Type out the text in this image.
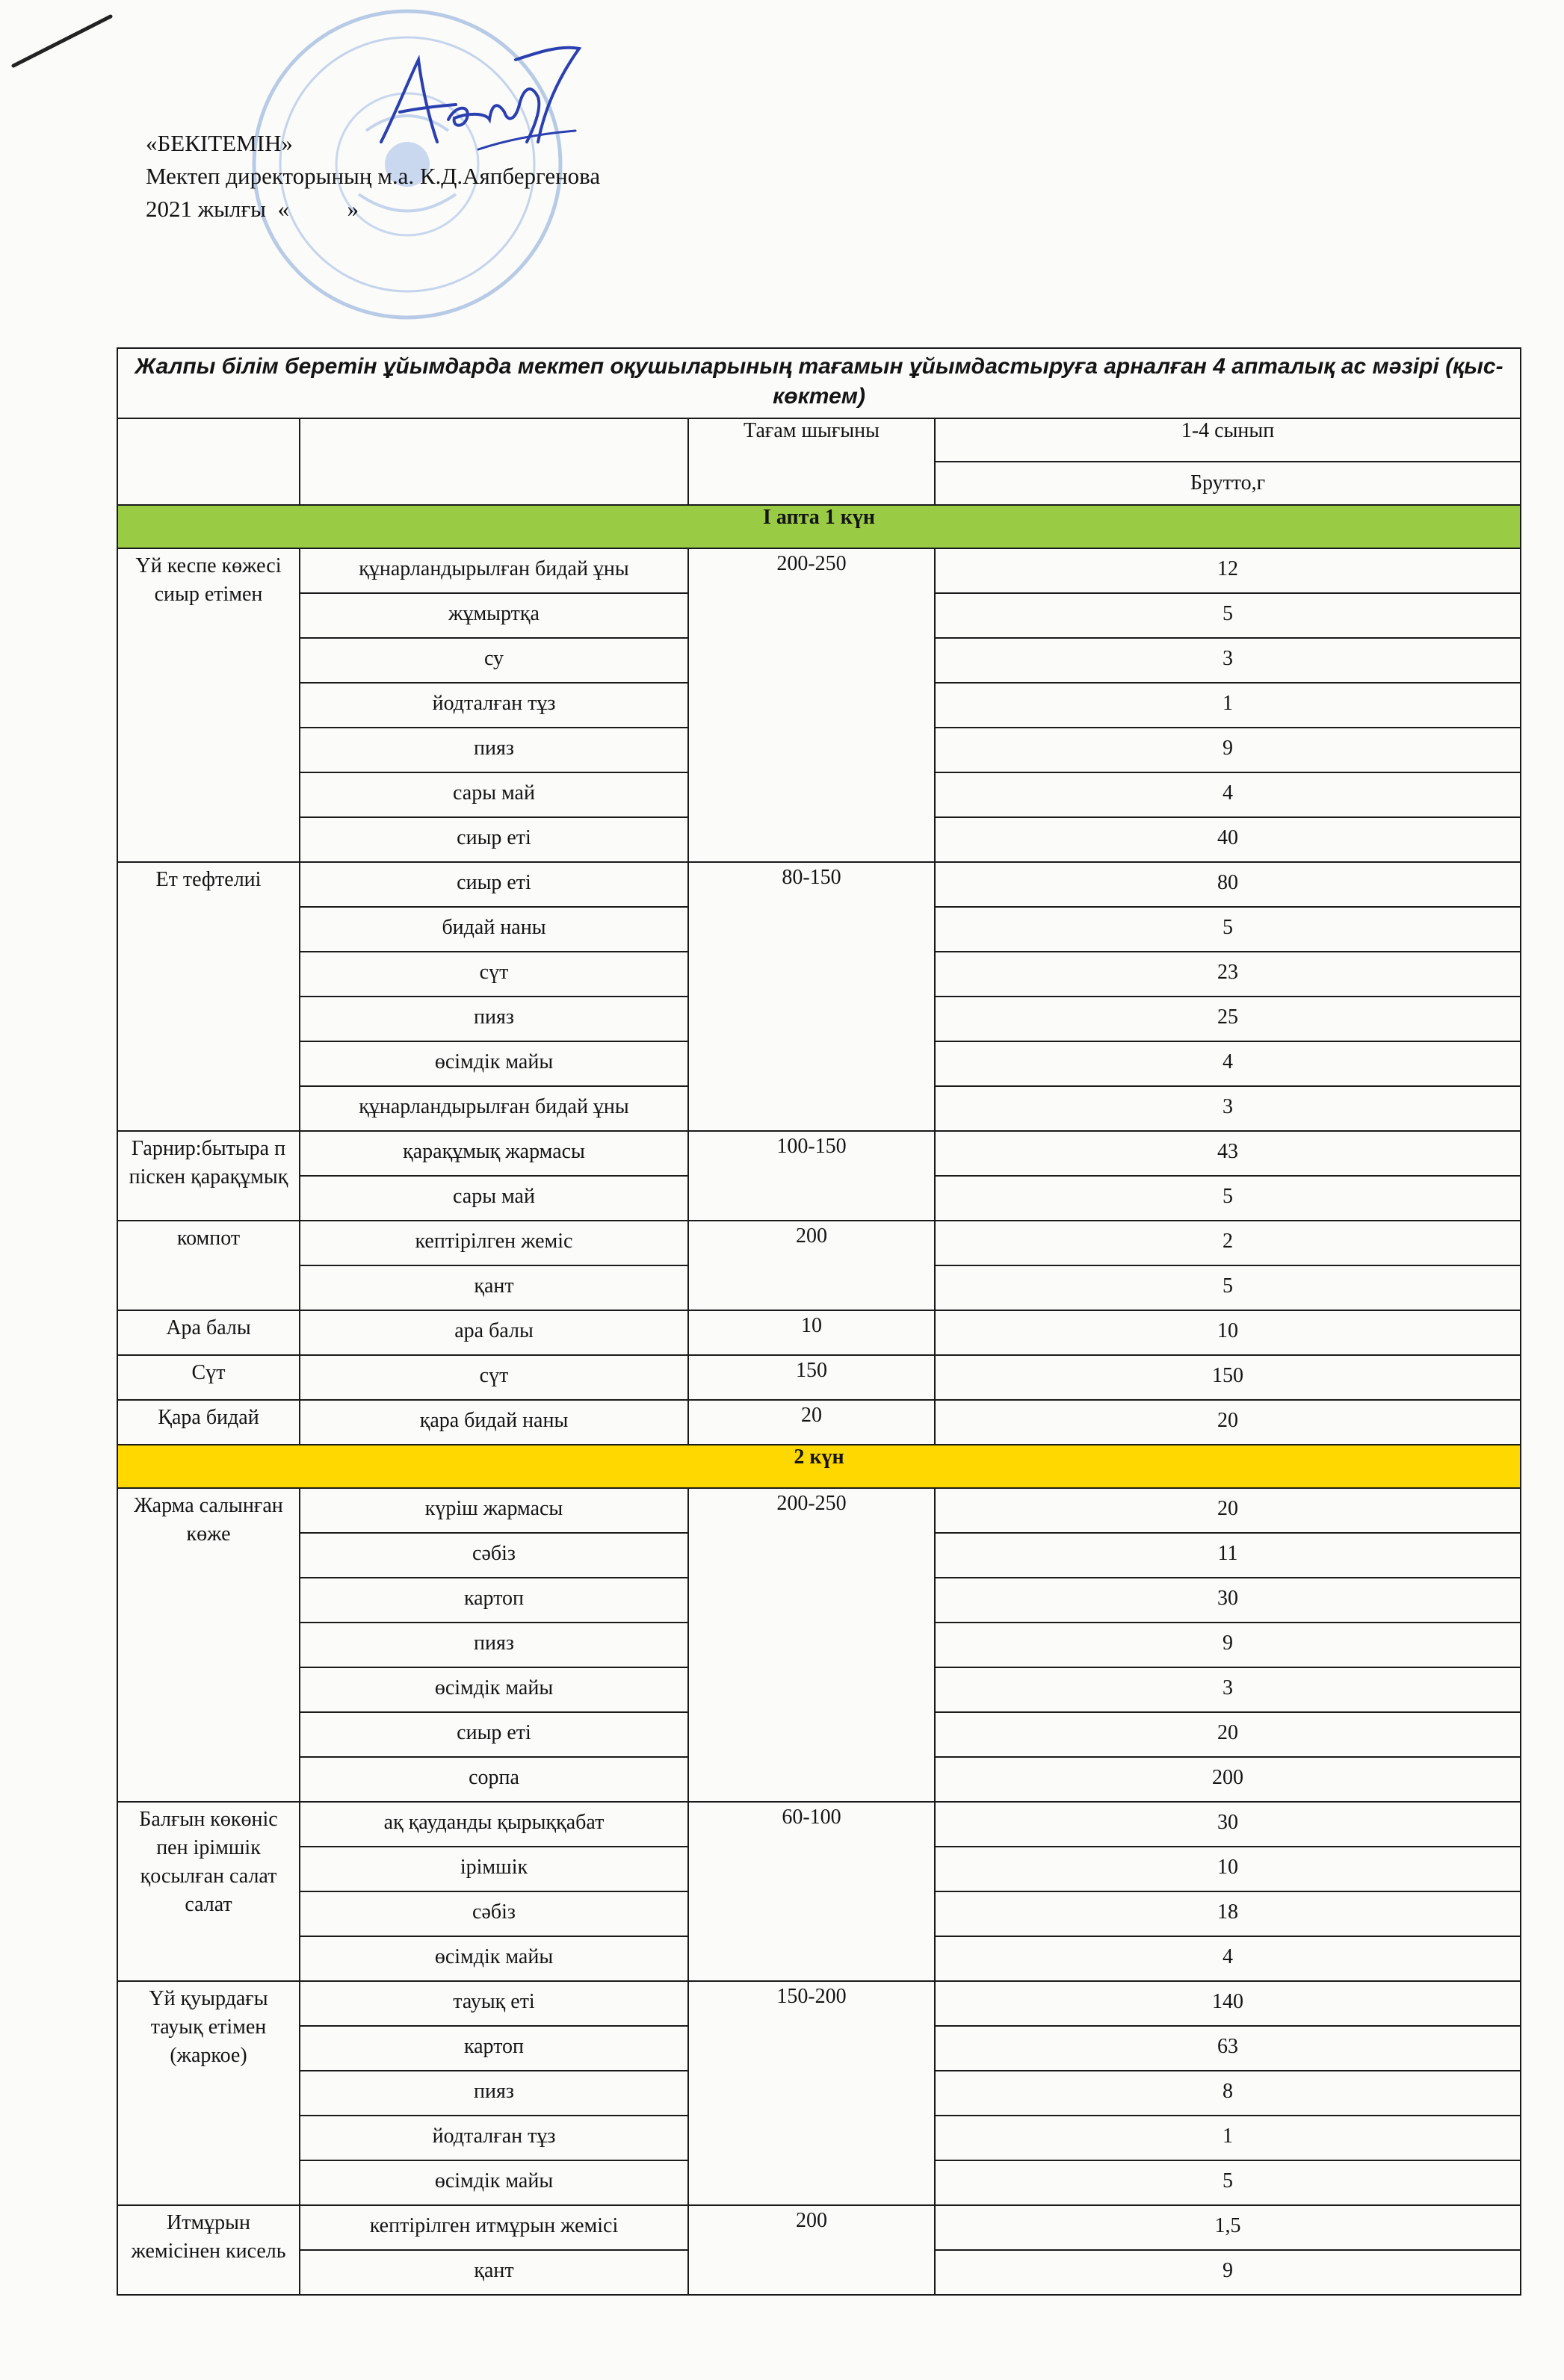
«БЕКІТЕМІН»
Мектеп директорының м.а. К.Д.Аяпбергенова
2021 жылғы  «          »
Жалпы білім беретін ұйымдарда мектеп оқушыларының тағамын ұйымдастыруға арналған 4 апталық ас мәзірі (қыс-көктем)			
		Тағам шығыны	1-4 сынып
			Брутто,г
I апта 1 күн			
Үй кеспе көжесі сиыр етімен	құнарландырылған бидай ұны	200-250	12
	жұмыртқа		5
	су		3
	йодталған тұз		1
	пияз		9
	сары май		4
	сиыр еті		40
Ет тефтелиі	сиыр еті	80-150	80
	бидай наны		5
	сүт		23
	пияз		25
	өсімдік майы		4
	құнарландырылған бидай ұны		3
Гарнир:бытыра п піскен қарақұмық	қарақұмық жармасы	100-150	43
	сары май		5
компот	кептірілген жеміс	200	2
	қант		5
Ара балы	ара балы	10	10
Сүт	сүт	150	150
Қара бидай	қара бидай наны	20	20
2 күн			
Жарма салынған көже	күріш жармасы	200-250	20
	сәбіз		11
	картоп		30
	пияз		9
	өсімдік майы		3
	сиыр еті		20
	сорпа		200
Балғын көкөніс пен ірімшік қосылған салат салат	ақ қауданды қырыққабат	60-100	30
	ірімшік		10
	сәбіз		18
	өсімдік майы		4
Үй қуырдағы тауық етімен (жаркое)	тауық еті	150-200	140
	картоп		63
	пияз		8
	йодталған тұз		1
	өсімдік майы		5
Итмұрын жемісінен кисель	кептірілген итмұрын жемісі	200	1,5
	қант		9
